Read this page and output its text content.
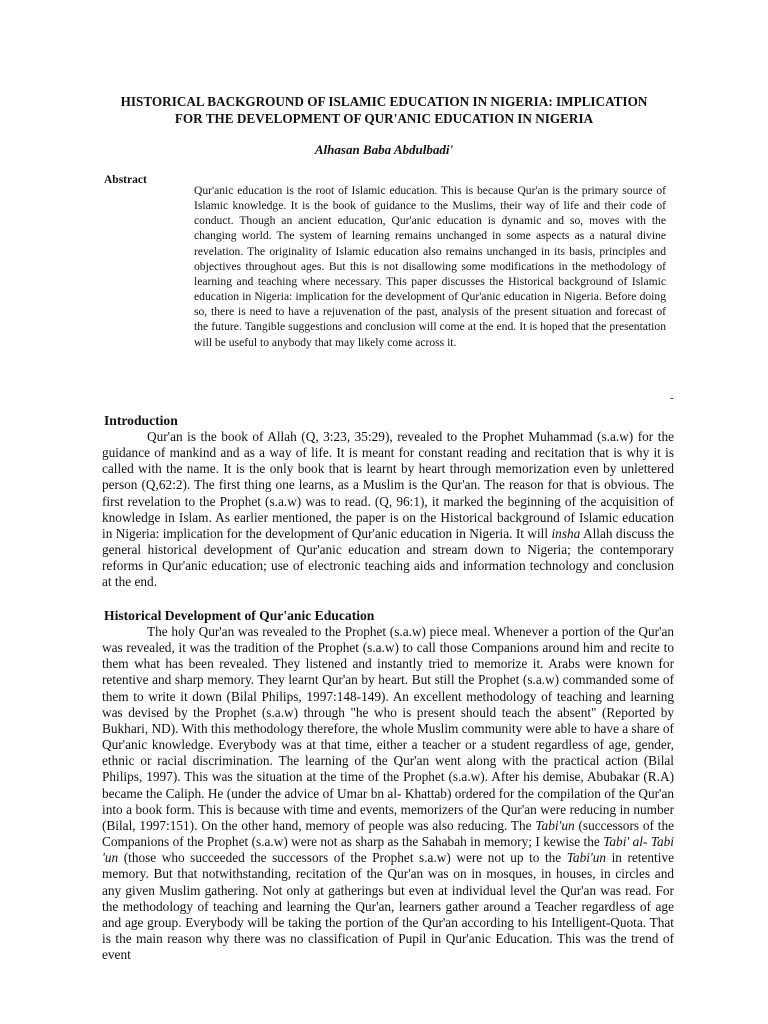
HISTORICAL BACKGROUND OF ISLAMIC EDUCATION IN NIGERIA: IMPLICATION
FOR THE DEVELOPMENT OF QUR'ANIC EDUCATION IN NIGERIA
Alhasan Baba Abdulbadi'
Abstract
Qur'anic education is the root of Islamic education. This is because Qur'an is the primary source of Islamic knowledge. It is the book of guidance to the Muslims, their way of life and their code of conduct. Though an ancient education, Qur'anic education is dynamic and so, moves with the changing world. The system of learning remains unchanged in some aspects as a natural divine revelation. The originality of Islamic education also remains unchanged in its basis, principles and objectives throughout ages. But this is not disallowing some modifications in the methodology of learning and teaching where necessary. This paper discusses the Historical background of Islamic education in Nigeria: implication for the development of Qur'anic education in Nigeria. Before doing so, there is need to have a rejuvenation of the past, analysis of the present situation and forecast of the future. Tangible suggestions and conclusion will come at the end. It is hoped that the presentation will be useful to anybody that may likely come across it.
-
Introduction

Qur'an is the book of Allah (Q, 3:23, 35:29), revealed to the Prophet Muhammad (s.a.w) for the guidance of mankind and as a way of life. It is meant for constant reading and recitation that is why it is called with the name. It is the only book that is learnt by heart through memorization even by unlettered person (Q,62:2). The first thing one learns, as a Muslim is the Qur'an. The reason for that is obvious. The first revelation to the Prophet (s.a.w) was to read. (Q, 96:1), it marked the beginning of the acquisition of knowledge in Islam. As earlier mentioned, the paper is on the Historical background of Islamic education in Nigeria: implication for the development of Qur'anic education in Nigeria. It will insha Allah discuss the general historical development of Qur'anic education and stream down to Nigeria; the contemporary reforms in Qur'anic education; use of electronic teaching aids and information technology and conclusion at the end.

Historical Development of Qur'anic Education

The holy Qur'an was revealed to the Prophet (s.a.w) piece meal. Whenever a portion of the Qur'an was revealed, it was the tradition of the Prophet (s.a.w) to call those Companions around him and recite to them what has been revealed. They listened and instantly tried to memorize it. Arabs were known for retentive and sharp memory. They learnt Qur'an by heart. But still the Prophet (s.a.w) commanded some of them to write it down (Bilal Philips, 1997:148-149). An excellent methodology of teaching and learning was devised by the Prophet (s.a.w) through "he who is present should teach the absent" (Reported by Bukhari, ND). With this methodology therefore, the whole Muslim community were able to have a share of Qur'anic knowledge. Everybody was at that time, either a teacher or a student regardless of age, gender, ethnic or racial discrimination. The learning of the Qur'an went along with the practical action (Bilal Philips, 1997). This was the situation at the time of the Prophet (s.a.w). After his demise, Abubakar (R.A) became the Caliph. He (under the advice of Umar bn al- Khattab) ordered for the compilation of the Qur'an into a book form. This is because with time and events, memorizers of the Qur'an were reducing in number (Bilal, 1997:151). On the other hand, memory of people was also reducing. The Tabi'un (successors of the Companions of the Prophet (s.a.w) were not as sharp as the Sahabah in memory; I kewise the Tabi' al- Tabi 'un (those who succeeded the successors of the Prophet s.a.w) were not up to the Tabi'un in retentive memory. But that notwithstanding, recitation of the Qur'an was on in mosques, in houses, in circles and any given Muslim gathering. Not only at gatherings but even at individual level the Qur'an was read. For the methodology of teaching and learning the Qur'an, learners gather around a Teacher regardless of age and age group. Everybody will be taking the portion of the Qur'an according to his Intelligent-Quota. That is the main reason why there was no classification of Pupil in Qur'anic Education. This was the trend of event
